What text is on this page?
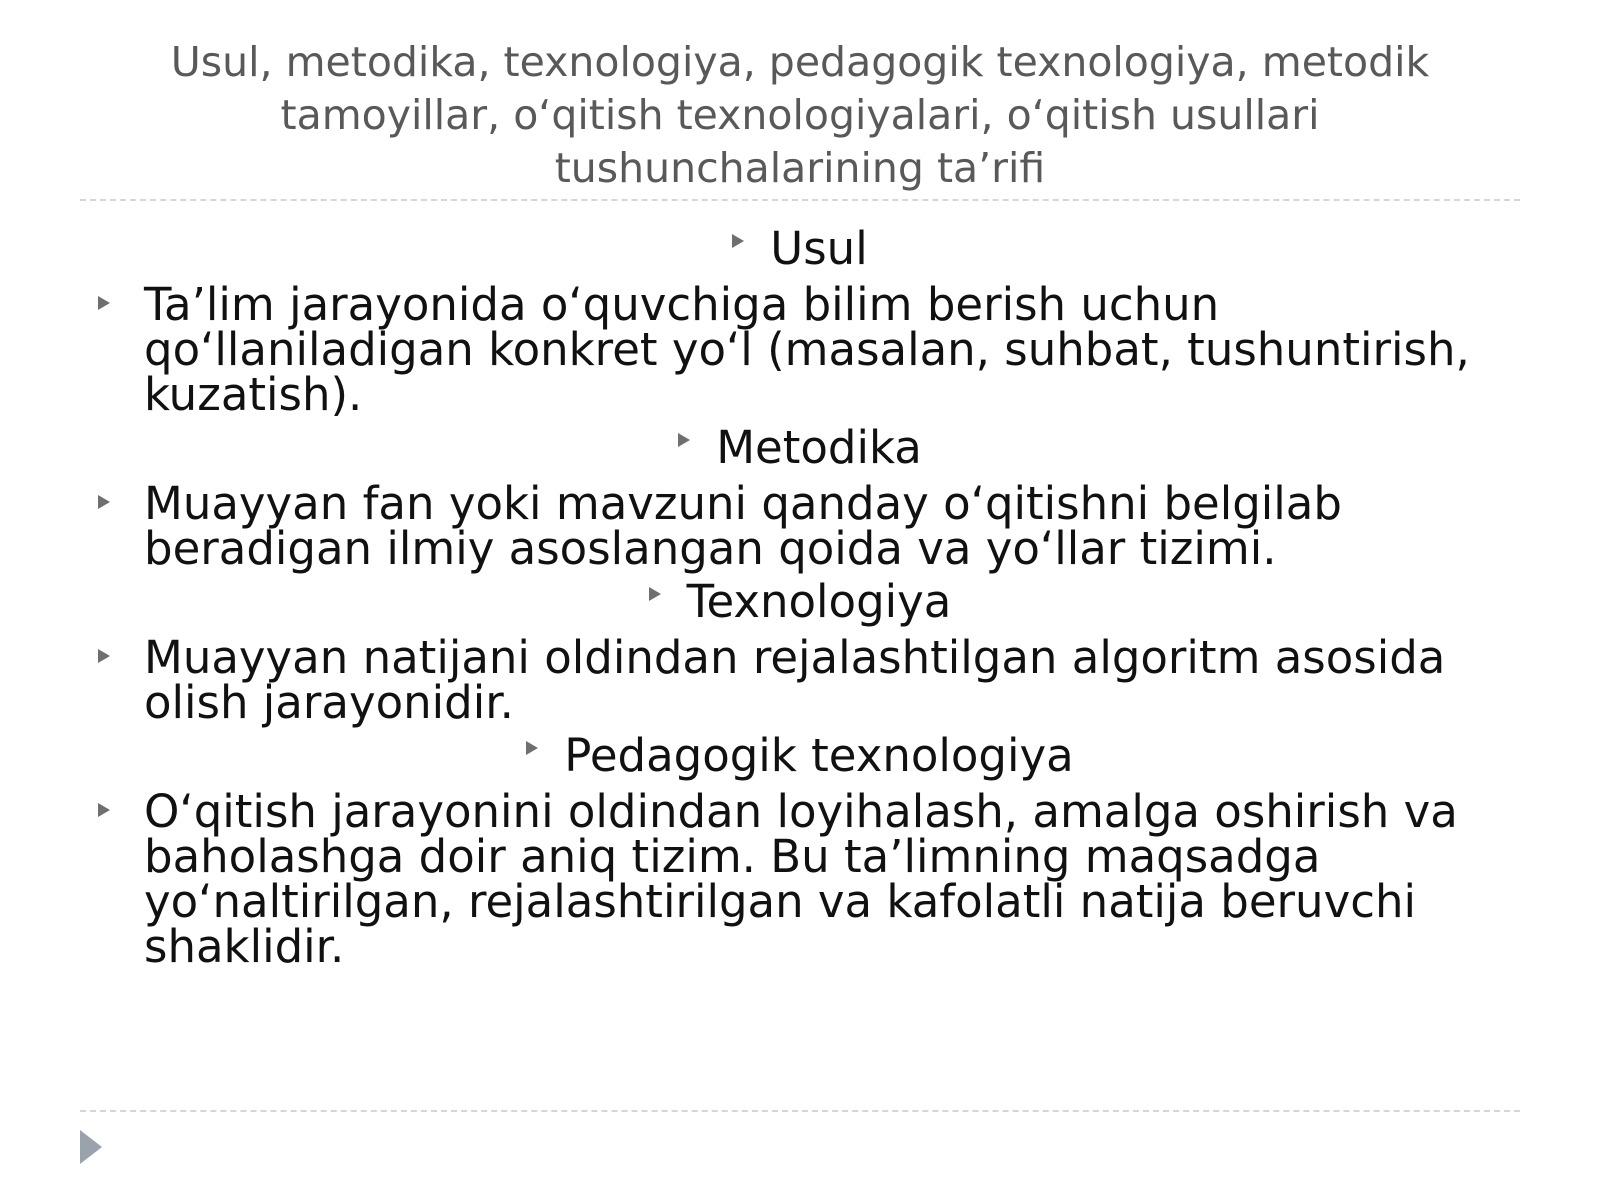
Usul, metodika, texnologiya, pedagogik texnologiya, metodik tamoyillar, o‘qitish texnologiyalari, o‘qitish usullari tushunchalarining ta’rifi
Usul
Ta’lim jarayonida o‘quvchiga bilim berish uchun qo‘llaniladigan konkret yo‘l (masalan, suhbat, tushuntirish, kuzatish).
Metodika
Muayyan fan yoki mavzuni qanday o‘qitishni belgilab beradigan ilmiy asoslangan qoida va yo‘llar tizimi.
Texnologiya
Muayyan natijani oldindan rejalashtilgan algoritm asosida olish jarayonidir.
Pedagogik texnologiya
O‘qitish jarayonini oldindan loyihalash, amalga oshirish va baholashga doir aniq tizim. Bu ta’limning maqsadga yo‘naltirilgan, rejalashtirilgan va kafolatli natija beruvchi shaklidir.
